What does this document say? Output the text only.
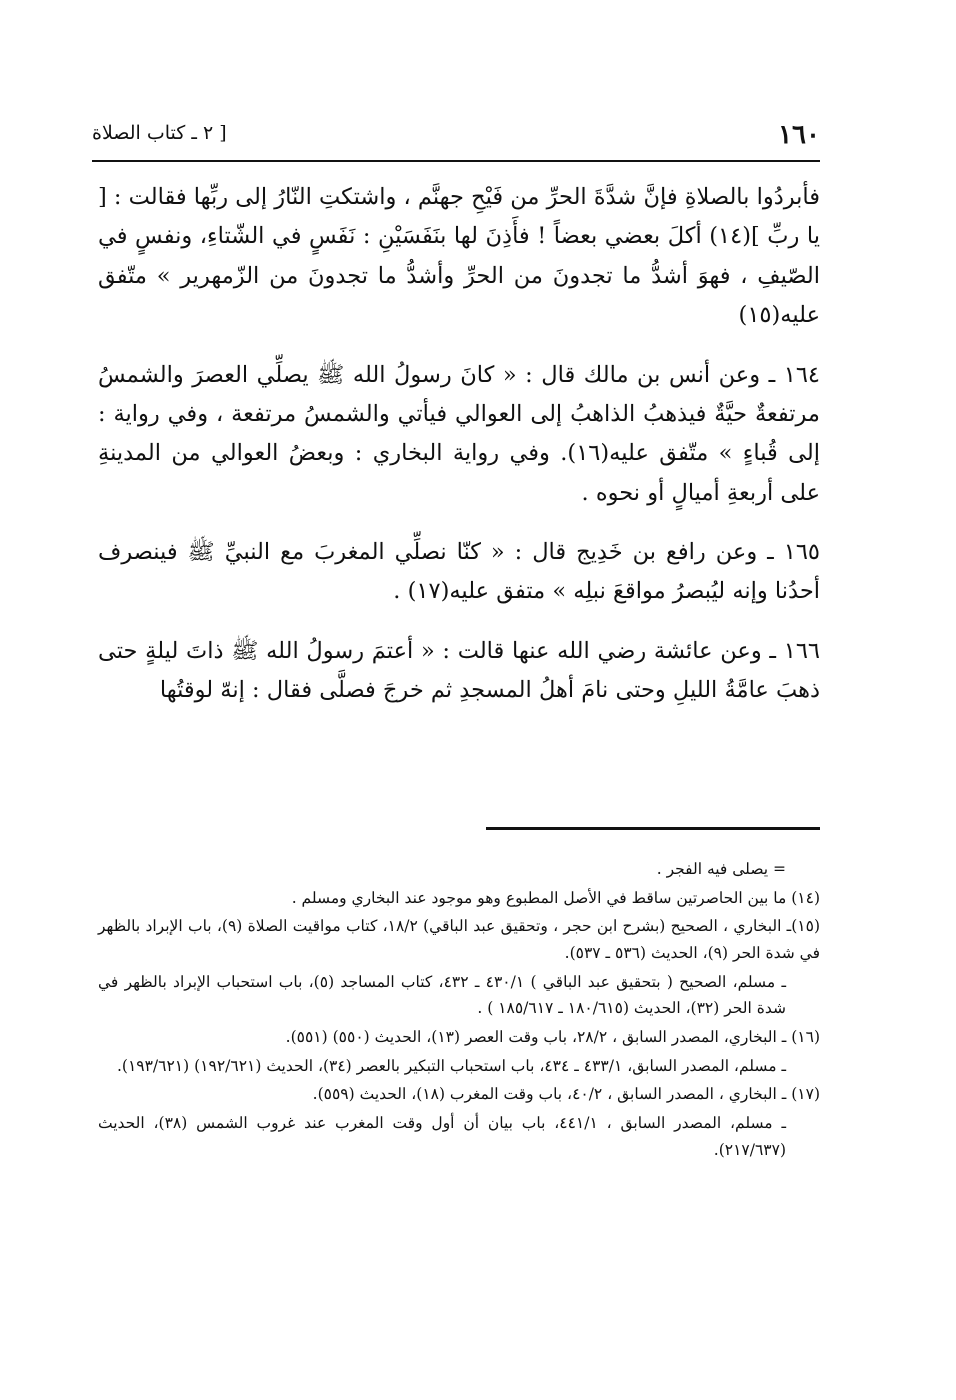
١٦٠
[ ٢ ـ كتاب الصلاة

فأبردُوا بالصلاةِ فإنَّ شدَّةَ الحرِّ من فَيْحِ جهنَّم ، واشتكتِ النّارُ إلى ربِّها فقالت : [ يا ربِّ ](١٤) أكلَ بعضي بعضاً ! فأَذِنَ لها بنَفَسَيْنِ : نَفَسٍ في الشّتاءِ، ونفسٍ في الصّيفِ ، فهوَ أشدُّ ما تجدونَ من الحرِّ وأشدُّ ما تجدونَ من الزّمهرير » متّفق عليه(١٥)

١٦٤ ـ وعن أنس بن مالك قال : « كانَ رسولُ الله ﷺ يصلِّي العصرَ والشمسُ مرتفعةٌ حيَّةٌ فيذهبُ الذاهبُ إلى العوالي فيأتي والشمسُ مرتفعة ، وفي رواية : إلى قُباءٍ » متّفق عليه(١٦). وفي رواية البخاري : وبعضُ العوالي من المدينةِ على أربعةِ أميالٍ أو نحوه .

١٦٥ ـ وعن رافع بن خَدِيج قال : « كنّا نصلِّي المغربَ مع النبيِّ ﷺ فينصرف أحدُنا وإنه ليُبصرُ مواقعَ نبلِه » متفق عليه(١٧) .

١٦٦ ـ وعن عائشة رضي الله عنها قالت : « أعتمَ رسولُ الله ﷺ ذاتَ ليلةٍ حتى ذهبَ عامَّةُ الليلِ وحتى نامَ أهلُ المسجدِ ثم خرجَ فصلَّى فقال : إنهّ لوقتُها

= يصلى فيه الفجر .

(١٤) ما بين الحاصرتين ساقط في الأصل المطبوع وهو موجود عند البخاري ومسلم .

(١٥)ـ البخاري ، الصحيح (بشرح ابن حجر ، وتحقيق عبد الباقي) ١٨/٢، كتاب مواقيت الصلاة (٩)، باب الإبراد بالظهر في شدة الحر (٩)، الحديث (٥٣٦ ـ ٥٣٧).

ـ مسلم، الصحيح ( بتحقيق عبد الباقي ) ٤٣٠/١ ـ ٤٣٢، كتاب المساجد (٥)، باب استحباب الإبراد بالظهر في شدة الحر (٣٢)، الحديث (١٨٠/٦١٥ ـ ١٨٥/٦١٧ ) .

(١٦) ـ البخاري، المصدر السابق ، ٢٨/٢، باب وقت العصر (١٣)، الحديث (٥٥٠) (٥٥١).

ـ مسلم، المصدر السابق، ٤٣٣/١ ـ ٤٣٤، باب استحباب التبكير بالعصر (٣٤)، الحديث (١٩٢/٦٢١) (١٩٣/٦٢١).

(١٧) ـ البخاري ، المصدر السابق ، ٤٠/٢، باب وقت المغرب (١٨)، الحديث (٥٥٩).

ـ مسلم، المصدر السابق ، ٤٤١/١، باب بيان أن أول وقت المغرب عند غروب الشمس (٣٨)، الحديث (٢١٧/٦٣٧).
